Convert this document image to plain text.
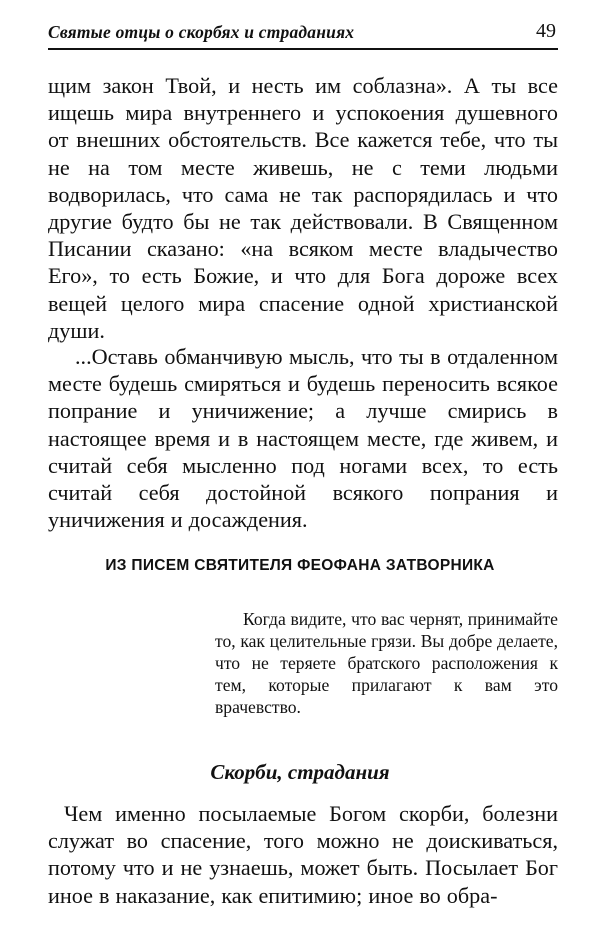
Святые отцы о скорбях и страданиях	49

щим закон Твой, и несть им соблазна». А ты все ищешь мира внутреннего и успокоения душевного от внешних обстоятельств. Все кажется тебе, что ты не на том месте живешь, не с теми людьми водворилась, что сама не так распорядилась и что другие будто бы не так действовали. В Священном Писании сказано: «на всяком месте владычество Его», то есть Божие, и что для Бога дороже всех вещей целого мира спасение одной христианской души.

...Оставь обманчивую мысль, что ты в отдаленном месте будешь смиряться и будешь переносить всякое попрание и уничижение; а лучше смирись в настоящее время и в настоящем месте, где живем, и считай себя мысленно под ногами всех, то есть считай себя достойной всякого попрания и уничижения и досаждения.

ИЗ ПИСЕМ СВЯТИТЕЛЯ ФЕОФАНА ЗАТВОРНИКА

Когда видите, что вас чернят, принимайте то, как целительные грязи. Вы добре делаете, что не теряете братского расположения к тем, которые прилагают к вам это врачевство.

Скорби, страдания

Чем именно посылаемые Богом скорби, болезни служат во спасение, того можно не доискиваться, потому что и не узнаешь, может быть. Посылает Бог иное в наказание, как епитимию; иное во обра-
